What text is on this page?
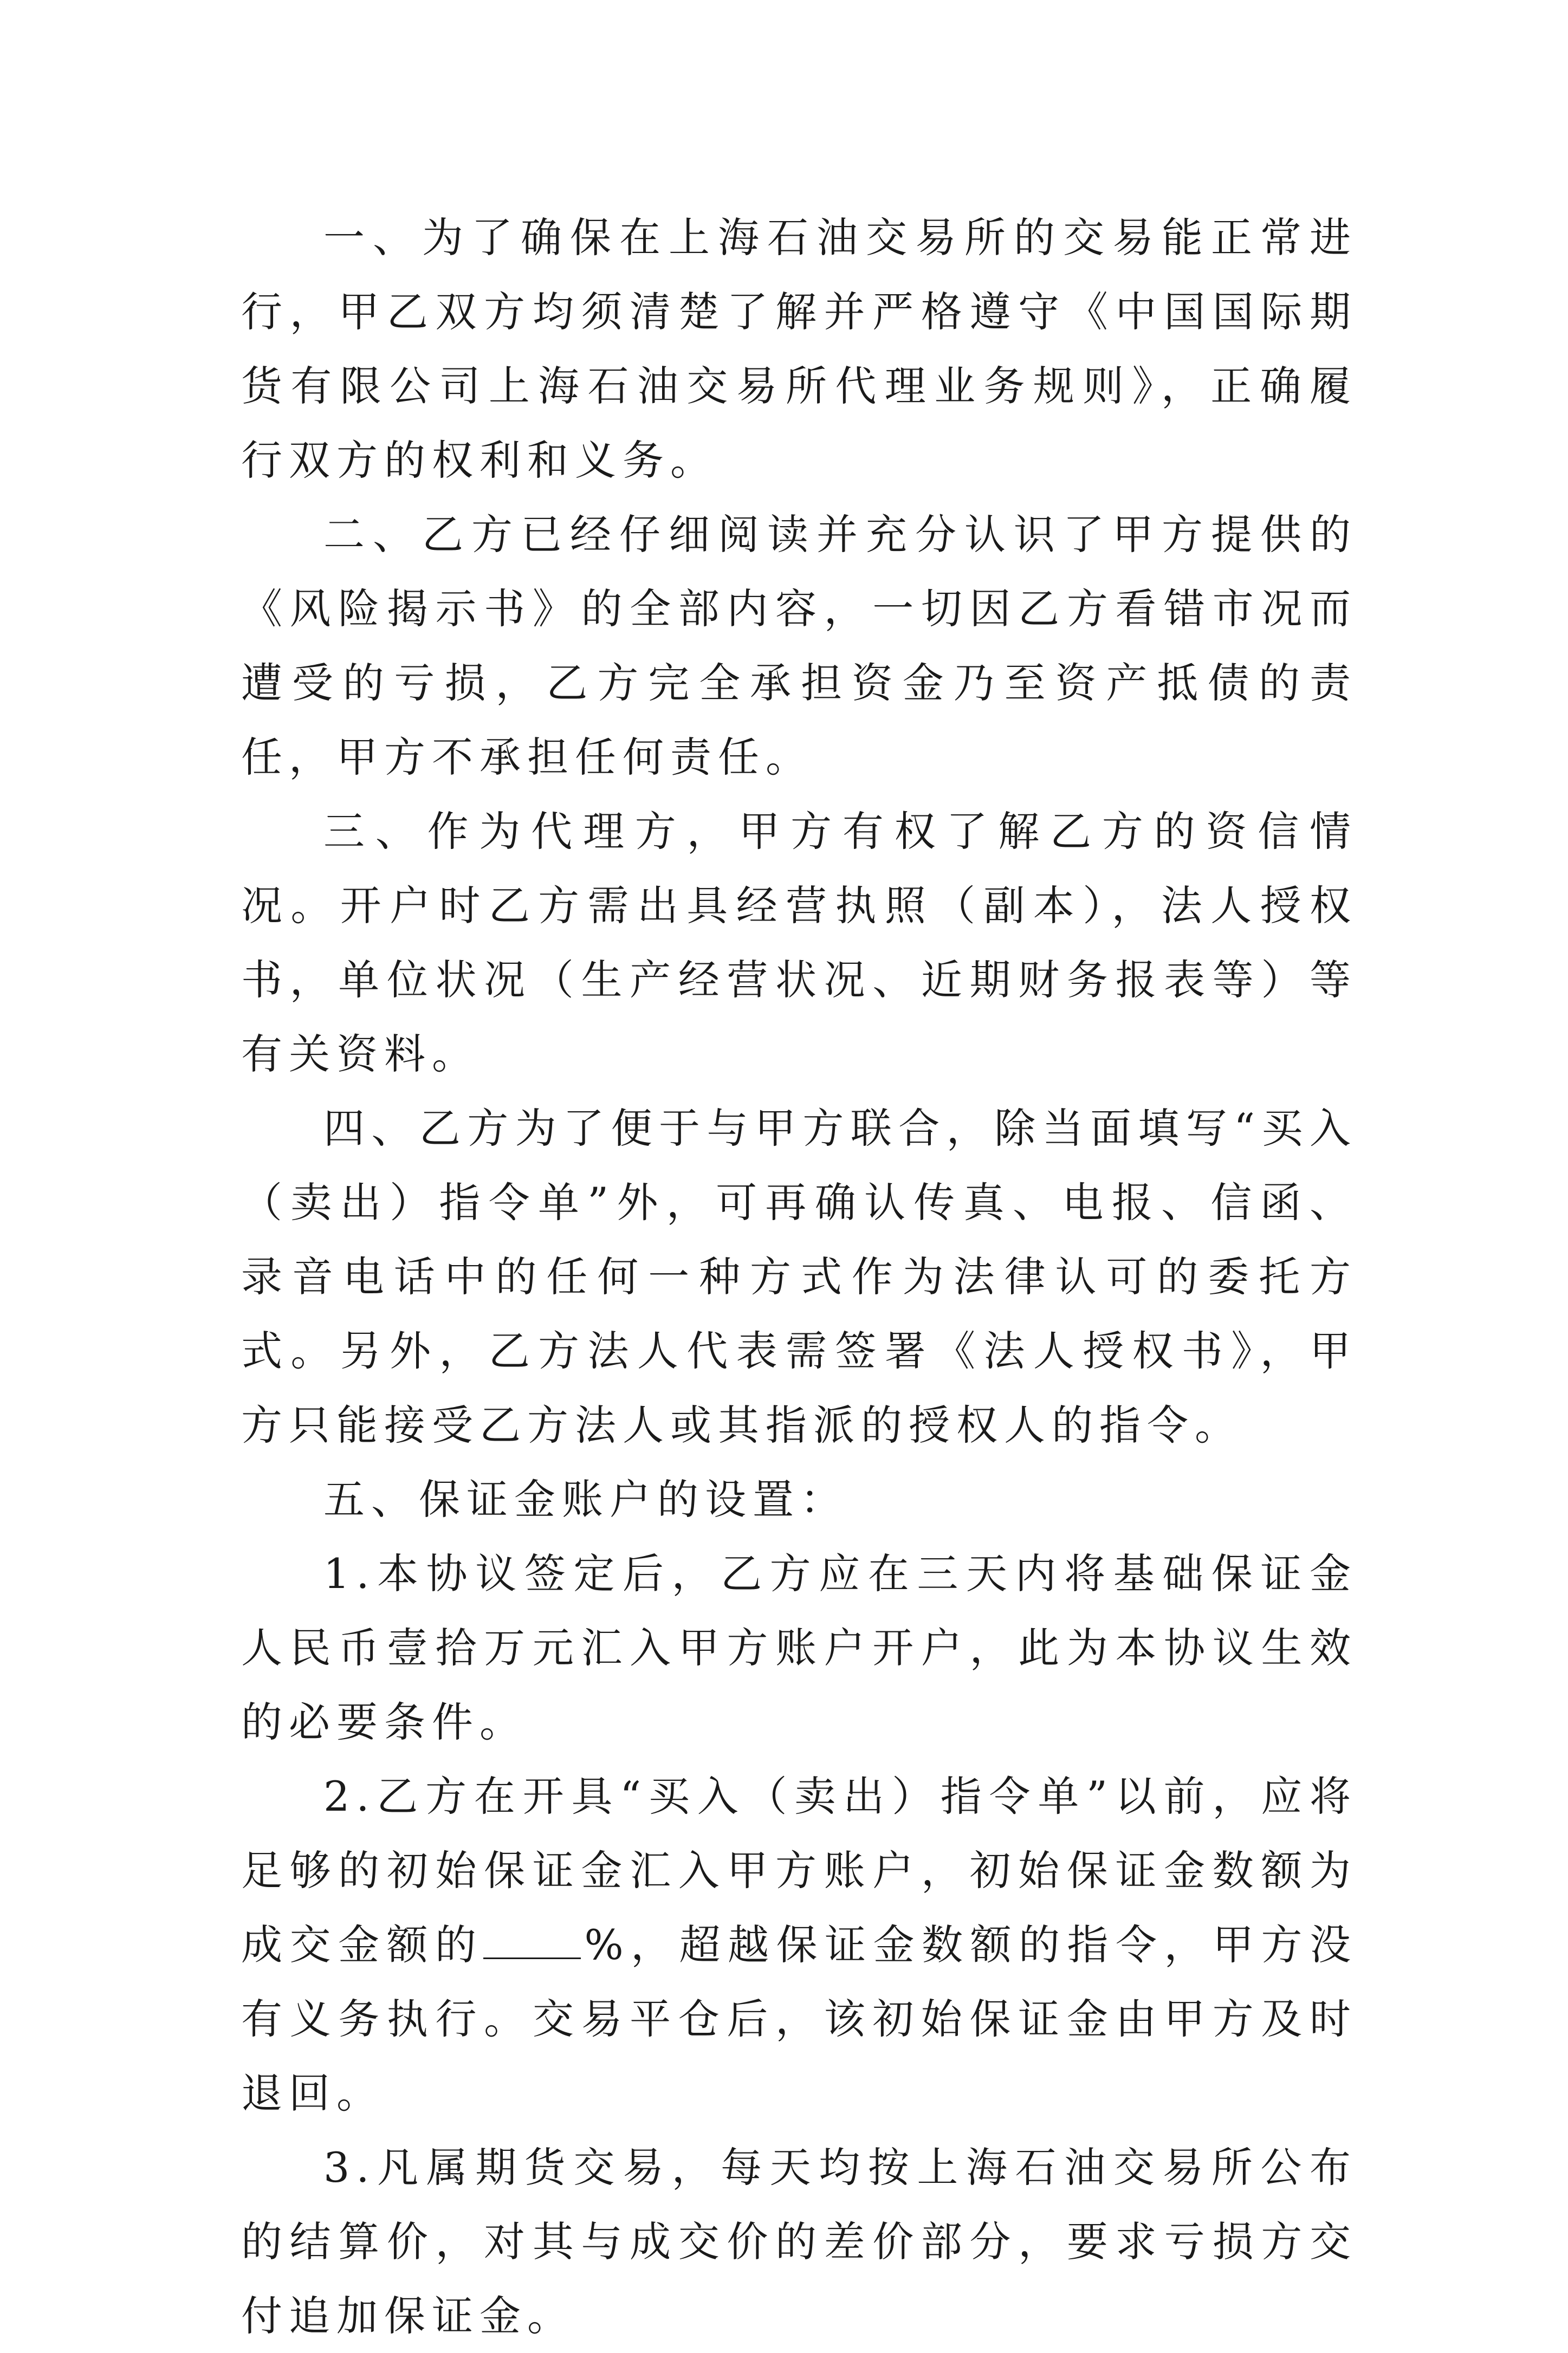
一、为了确保在上海石油交易所的交易能正常进行，甲乙双方均须清楚了解并严格遵守《中国国际期货有限公司上海石油交易所代理业务规则》，正确履行双方的权利和义务。

二、乙方已经仔细阅读并充分认识了甲方提供的《风险揭示书》的全部内容，一切因乙方看错市况而遭受的亏损，乙方完全承担资金乃至资产抵债的责任，甲方不承担任何责任。

三、作为代理方，甲方有权了解乙方的资信情况。开户时乙方需出具经营执照（副本），法人授权书，单位状况（生产经营状况、近期财务报表等）等有关资料。

四、乙方为了便于与甲方联合，除当面填写“买入（卖出）指令单”外，可再确认传真、电报、信函、录音电话中的任何一种方式作为法律认可的委托方式。另外，乙方法人代表需签署《法人授权书》，甲方只能接受乙方法人或其指派的授权人的指令。

五、保证金账户的设置：

1.本协议签定后，乙方应在三天内将基础保证金人民币壹拾万元汇入甲方账户开户，此为本协议生效的必要条件。

2.乙方在开具“买入（卖出）指令单”以前，应将足够的初始保证金汇入甲方账户，初始保证金数额为成交金额的 %，超越保证金数额的指令，甲方没有义务执行。交易平仓后，该初始保证金由甲方及时退回。

3.凡属期货交易，每天均按上海石油交易所公布的结算价，对其与成交价的差价部分，要求亏损方交付追加保证金。
